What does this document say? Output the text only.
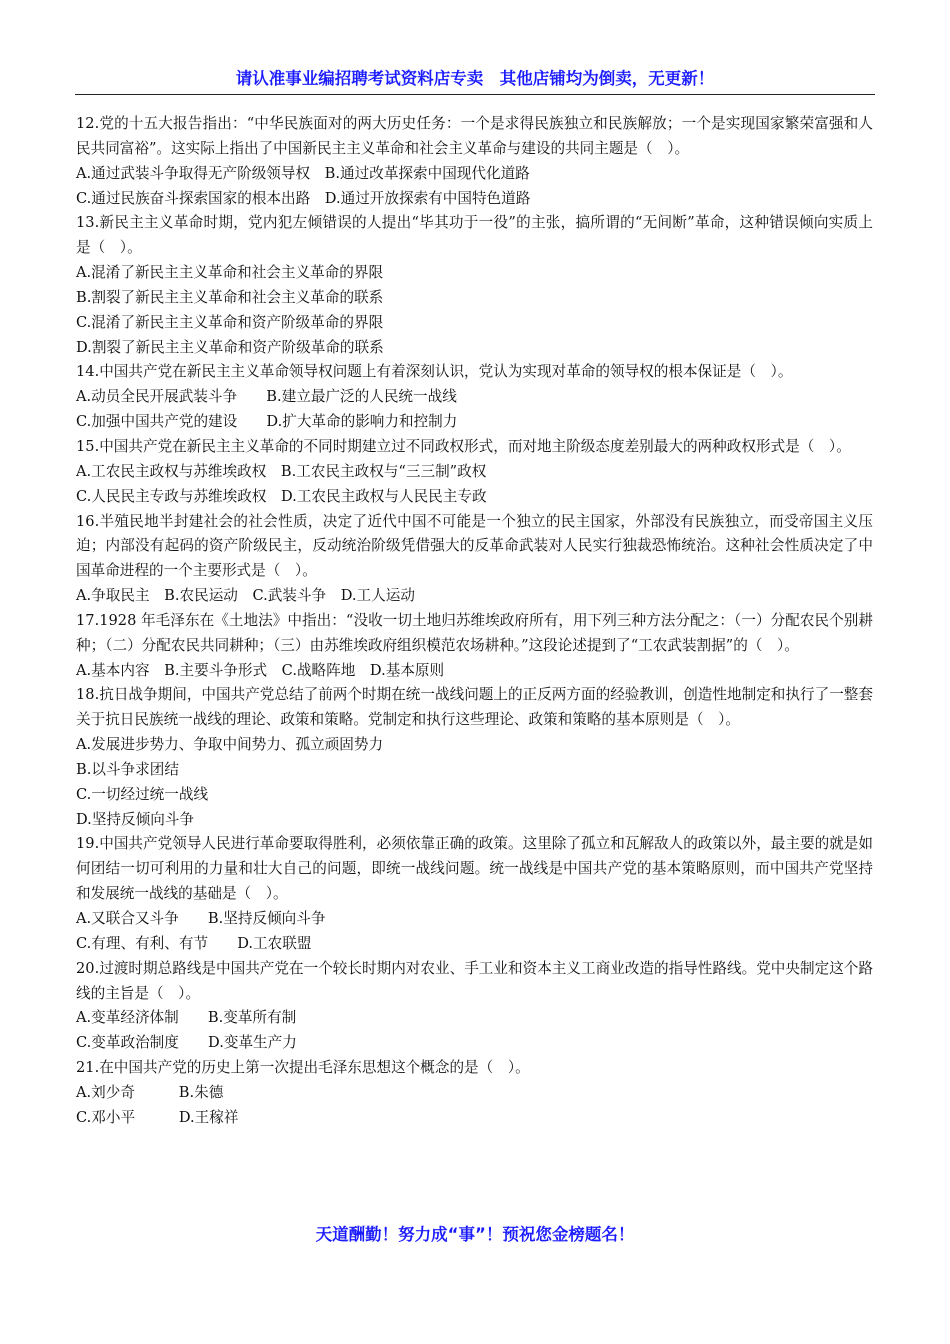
请认准事业编招聘考试资料店专卖　其他店铺均为倒卖，无更新！

12.党的十五大报告指出：“中华民族面对的两大历史任务：一个是求得民族独立和民族解放；一个是实现国家繁荣富强和人民共同富裕”。这实际上指出了中国新民主主义革命和社会主义革命与建设的共同主题是（　）。

A.通过武装斗争取得无产阶级领导权　B.通过改革探索中国现代化道路

C.通过民族奋斗探索国家的根本出路　D.通过开放探索有中国特色道路

13.新民主主义革命时期，党内犯左倾错误的人提出“毕其功于一役”的主张，搞所谓的“无间断”革命，这种错误倾向实质上是（　）。

A.混淆了新民主主义革命和社会主义革命的界限

B.割裂了新民主主义革命和社会主义革命的联系

C.混淆了新民主主义革命和资产阶级革命的界限

D.割裂了新民主主义革命和资产阶级革命的联系

14.中国共产党在新民主主义革命领导权问题上有着深刻认识，党认为实现对革命的领导权的根本保证是（　）。

A.动员全民开展武装斗争　　B.建立最广泛的人民统一战线

C.加强中国共产党的建设　　D.扩大革命的影响力和控制力

15.中国共产党在新民主主义革命的不同时期建立过不同政权形式，而对地主阶级态度差别最大的两种政权形式是（　）。

A.工农民主政权与苏维埃政权　B.工农民主政权与“三三制”政权

C.人民民主专政与苏维埃政权　D.工农民主政权与人民民主专政

16.半殖民地半封建社会的社会性质，决定了近代中国不可能是一个独立的民主国家，外部没有民族独立，而受帝国主义压迫；内部没有起码的资产阶级民主，反动统治阶级凭借强大的反革命武装对人民实行独裁恐怖统治。这种社会性质决定了中国革命进程的一个主要形式是（　）。

A.争取民主　B.农民运动　C.武装斗争　D.工人运动

17.1928 年毛泽东在《土地法》中指出：“没收一切土地归苏维埃政府所有，用下列三种方法分配之：（一）分配农民个别耕种；（二）分配农民共同耕种；（三）由苏维埃政府组织模范农场耕种。”这段论述提到了“工农武装割据”的（　）。

A.基本内容　B.主要斗争形式　C.战略阵地　D.基本原则

18.抗日战争期间，中国共产党总结了前两个时期在统一战线问题上的正反两方面的经验教训，创造性地制定和执行了一整套关于抗日民族统一战线的理论、政策和策略。党制定和执行这些理论、政策和策略的基本原则是（　）。

A.发展进步势力、争取中间势力、孤立顽固势力

B.以斗争求团结

C.一切经过统一战线

D.坚持反倾向斗争

19.中国共产党领导人民进行革命要取得胜利，必须依靠正确的政策。这里除了孤立和瓦解敌人的政策以外，最主要的就是如何团结一切可利用的力量和壮大自己的问题，即统一战线问题。统一战线是中国共产党的基本策略原则，而中国共产党坚持和发展统一战线的基础是（　）。

A.又联合又斗争　　B.坚持反倾向斗争

C.有理、有利、有节　　D.工农联盟

20.过渡时期总路线是中国共产党在一个较长时期内对农业、手工业和资本主义工商业改造的指导性路线。党中央制定这个路线的主旨是（　）。

A.变革经济体制　　B.变革所有制

C.变革政治制度　　D.变革生产力

21.在中国共产党的历史上第一次提出毛泽东思想这个概念的是（　）。

A.刘少奇　　　B.朱德

C.邓小平　　　D.王稼祥

天道酬勤！努力成“事”！预祝您金榜题名！
